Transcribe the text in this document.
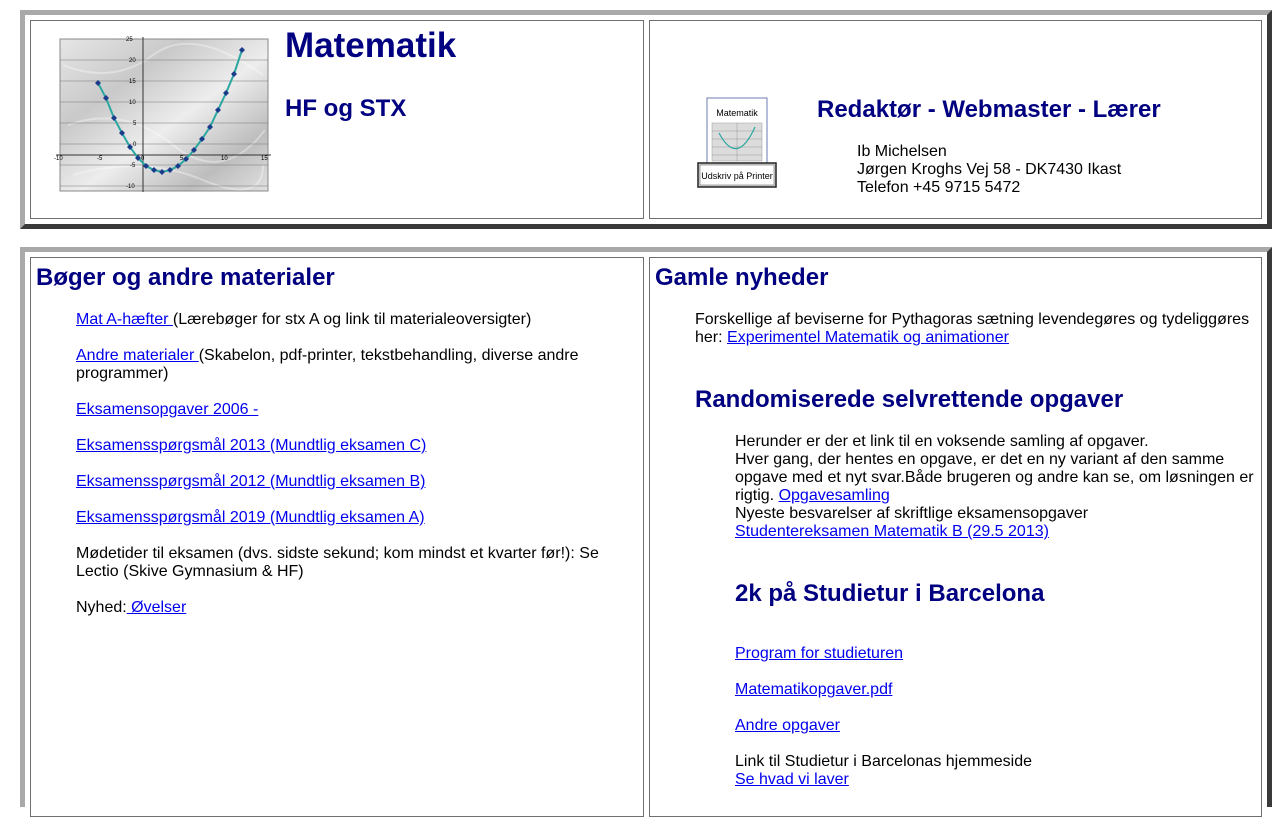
25
20
15
10
5
0
-5
-10
-10	-5	0	5	10	15
Matematik
HF og STX	Matematik
Udskriv på Printer
Redaktør - Webmaster - Lærer
Ib Michelsen
Jørgen Kroghs Vej 58 - DK7430 Ikast
Telefon +45 9715 5472
Bøger og andre materialer
Mat A-hæfter (Lærebøger for stx A og link til materialeoversigter)
Andre materialer (Skabelon, pdf-printer, tekstbehandling, diverse andre programmer)
Eksamensopgaver 2006 -
Eksamensspørgsmål 2013 (Mundtlig eksamen C)
Eksamensspørgsmål 2012 (Mundtlig eksamen B)
Eksamensspørgsmål 2019 (Mundtlig eksamen A)
Mødetider til eksamen (dvs. sidste sekund; kom mindst et kvarter før!): Se Lectio (Skive Gymnasium & HF)
Nyhed: Øvelser
Gamle nyheder
Forskellige af beviserne for Pythagoras sætning levendegøres og tydeliggøres her: Experimentel Matematik og animationer
Randomiserede selvrettende opgaver
Herunder er der et link til en voksende samling af opgaver.
Hver gang, der hentes en opgave, er det en ny variant af den samme opgave med et nyt svar.Både brugeren og andre kan se, om løsningen er rigtig. Opgavesamling
Nyeste besvarelser af skriftlige eksamensopgaver
Studentereksamen Matematik B (29.5 2013)
2k på Studietur i Barcelona
Program for studieturen
Matematikopgaver.pdf
Andre opgaver
Link til Studietur i Barcelonas hjemmeside
Se hvad vi laver
